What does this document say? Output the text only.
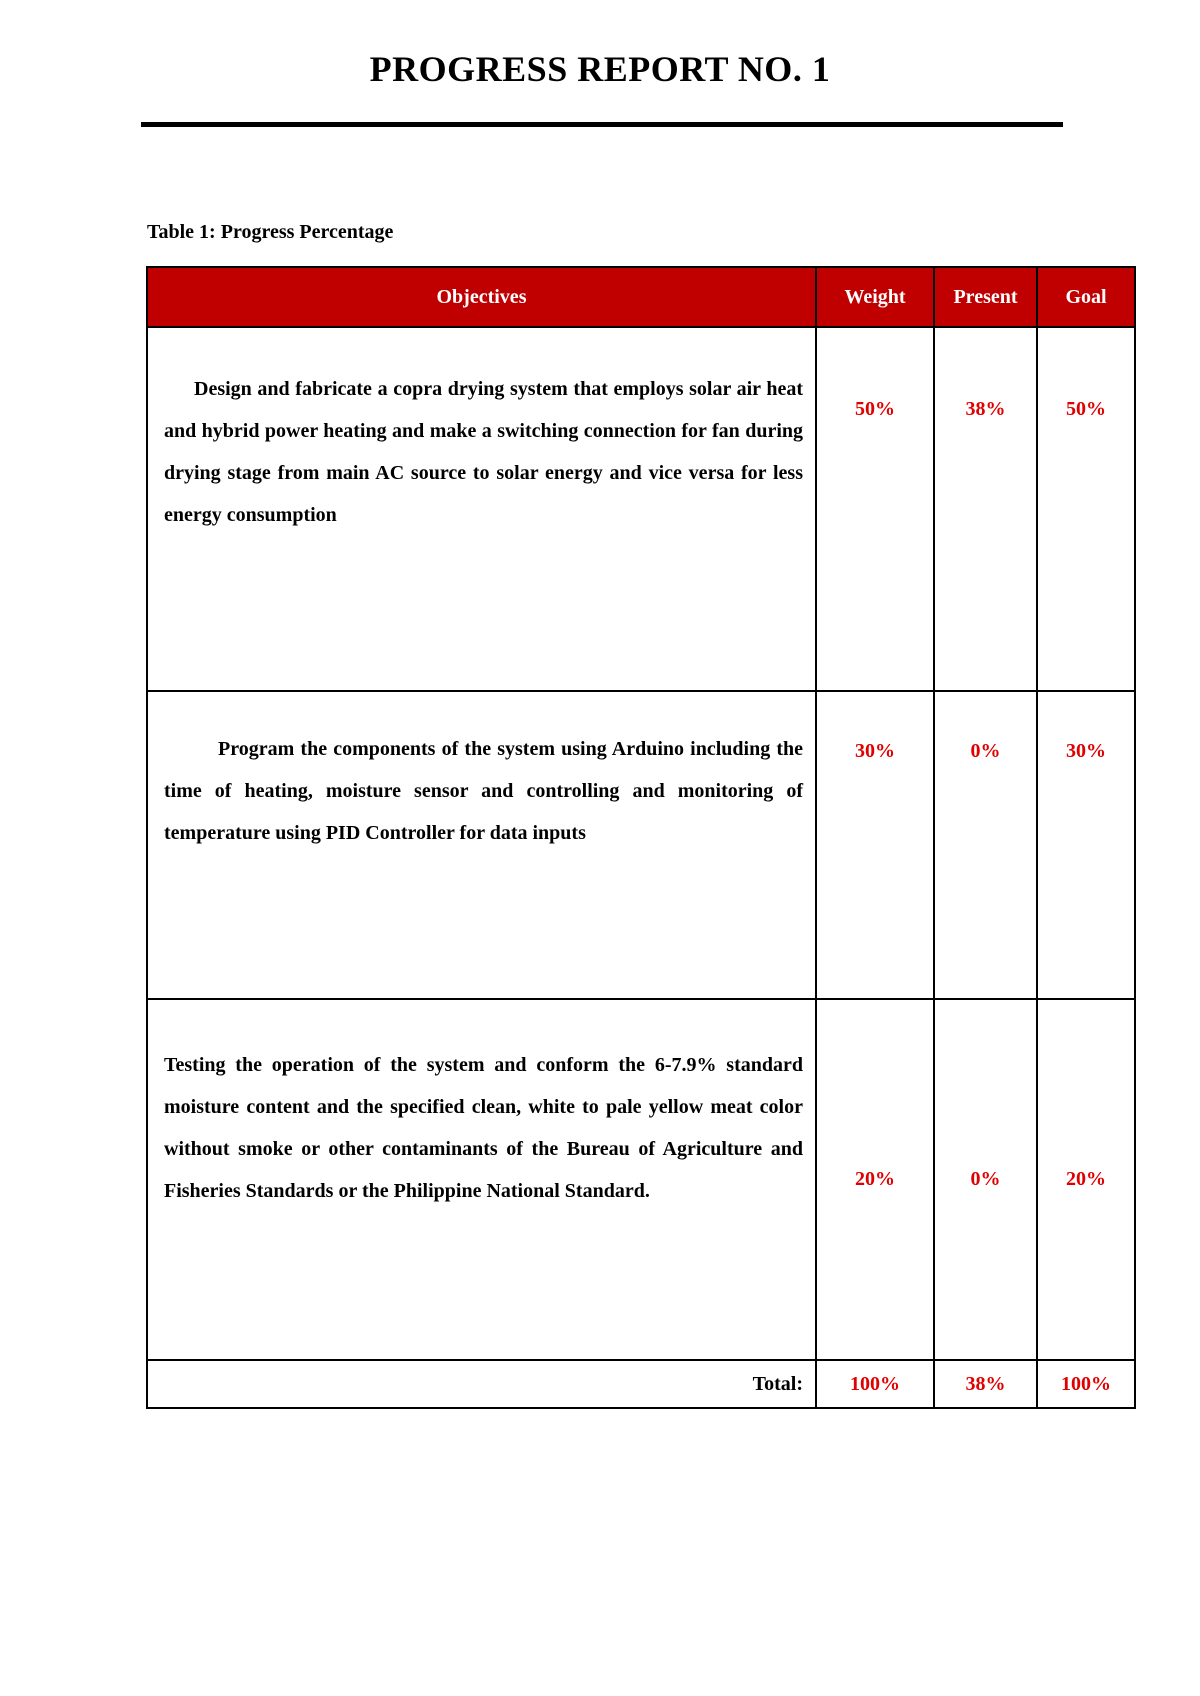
PROGRESS REPORT NO. 1
Table 1: Progress Percentage
Objectives	Weight	Present	Goal

Design and fabricate a copra drying system that employs solar air heat and hybrid power heating and make a switching connection for fan during drying stage from main AC source to solar energy and vice versa for less energy consumption	50%	38%	50%

Program the components of the system using Arduino including the time of heating, moisture sensor and controlling and monitoring of temperature using PID Controller for data inputs	30%	0%	30%

Testing the operation of the system and conform the 6-7.9% standard moisture content and the specified clean, white to pale yellow meat color without smoke or other contaminants of the Bureau of Agriculture and Fisheries Standards or the Philippine National Standard.	20%	0%	20%
Total:	100%	38%	100%
